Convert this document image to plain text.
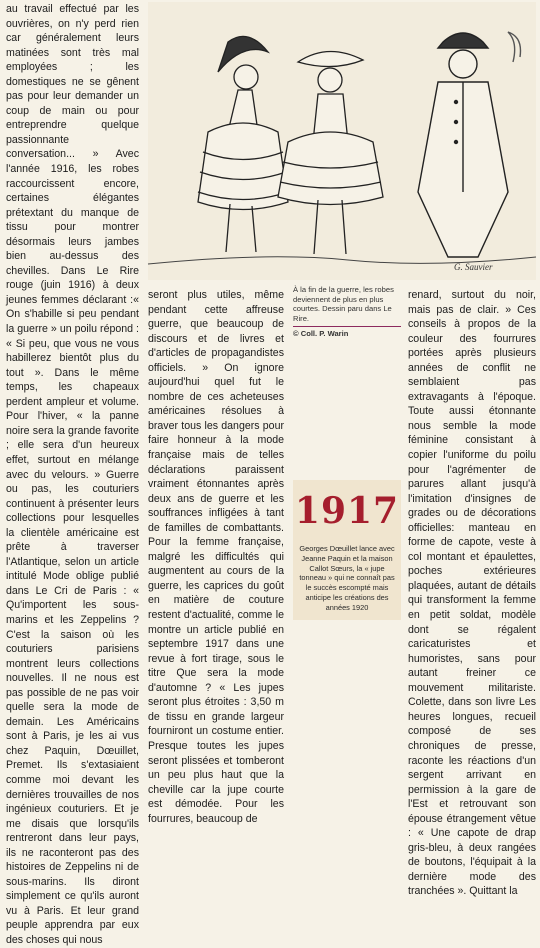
au travail effectué par les ouvrières, on n'y perd rien car généralement leurs matinées sont très mal employées ; les domestiques ne se gênent pas pour leur demander un coup de main ou pour entreprendre quelque passionnante conversation... » Avec l'année 1916, les robes raccourcissent encore, certaines élégantes prétextant du manque de tissu pour montrer désormais leurs jambes bien au-dessus des chevilles. Dans Le Rire rouge (juin 1916) à deux jeunes femmes déclarant :« On s'habille si peu pendant la guerre » un poilu répond : « Si peu, que vous ne vous habillerez bientôt plus du tout ». Dans le même temps, les chapeaux perdent ampleur et volume. Pour l'hiver, « la panne noire sera la grande favorite ; elle sera d'un heureux effet, surtout en mélange avec du velours. » Guerre ou pas, les couturiers continuent à présenter leurs collections pour lesquelles la clientèle américaine est prête à traverser l'Atlantique, selon un article intitulé Mode oblige publié dans Le Cri de Paris : « Qu'importent les sous-marins et les Zeppelins ? C'est la saison où les couturiers parisiens montrent leurs collections nouvelles. Il ne nous est pas possible de ne pas voir quelle sera la mode de demain. Les Américains sont à Paris, je les ai vus chez Paquin, Dœuillet, Premet. Ils s'extasiaient comme moi devant les dernières trouvailles de nos ingénieux couturiers. Et je me disais que lorsqu'ils rentreront dans leur pays, ils ne raconteront pas des histoires de Zeppelins ni de sous-marins. Ils diront simplement ce qu'ils auront vu à Paris. Et leur grand peuple apprendra par eux des choses qui nous

G. Sauvier
À la fin de la guerre, les robes deviennent de plus en plus courtes. Dessin paru dans Le Rire.
© Coll. P. Warin

seront plus utiles, même pendant cette affreuse guerre, que beaucoup de discours et de livres et d'articles de propagandistes officiels. » On ignore aujourd'hui quel fut le nombre de ces acheteuses américaines résolues à braver tous les dangers pour faire honneur à la mode française mais de telles déclarations paraissent vraiment étonnantes après deux ans de guerre et les souffrances infligées à tant de familles de combattants. Pour la femme française, malgré les difficultés qui augmentent au cours de la guerre, les caprices du goût en matière de couture restent d'actualité, comme le montre un article publié en septembre 1917 dans une revue à fort tirage, sous le titre Que sera la mode d'automne ? « Les jupes seront plus étroites : 3,50 m de tissu en grande largeur fourniront un costume entier. Presque toutes les jupes seront plissées et tomberont un peu plus haut que la cheville car la jupe courte est démodée. Pour les fourrures, beaucoup de

1917
Georges Dœuillet lance avec Jeanne Paquin et la maison Callot Sœurs, la « jupe tonneau » qui ne connaît pas le succès escompté mais anticipe les créations des années 1920

renard, surtout du noir, mais pas de clair. » Ces conseils à propos de la couleur des fourrures portées après plusieurs années de conflit ne semblaient pas extravagants à l'époque. Toute aussi étonnante nous semble la mode féminine consistant à copier l'uniforme du poilu pour l'agrémenter de parures allant jusqu'à l'imitation d'insignes de grades ou de décorations officielles: manteau en forme de capote, veste à col montant et épaulettes, poches extérieures plaquées, autant de détails qui transforment la femme en petit soldat, modèle dont se régalent caricaturistes et humoristes, sans pour autant freiner ce mouvement militariste. Colette, dans son livre Les heures longues, recueil composé de ses chroniques de presse, raconte les réactions d'un sergent arrivant en permission à la gare de l'Est et retrouvant son épouse étrangement vêtue : « Une capote de drap gris-bleu, à deux rangées de boutons, l'équipait à la dernière mode des tranchées ». Quittant la
